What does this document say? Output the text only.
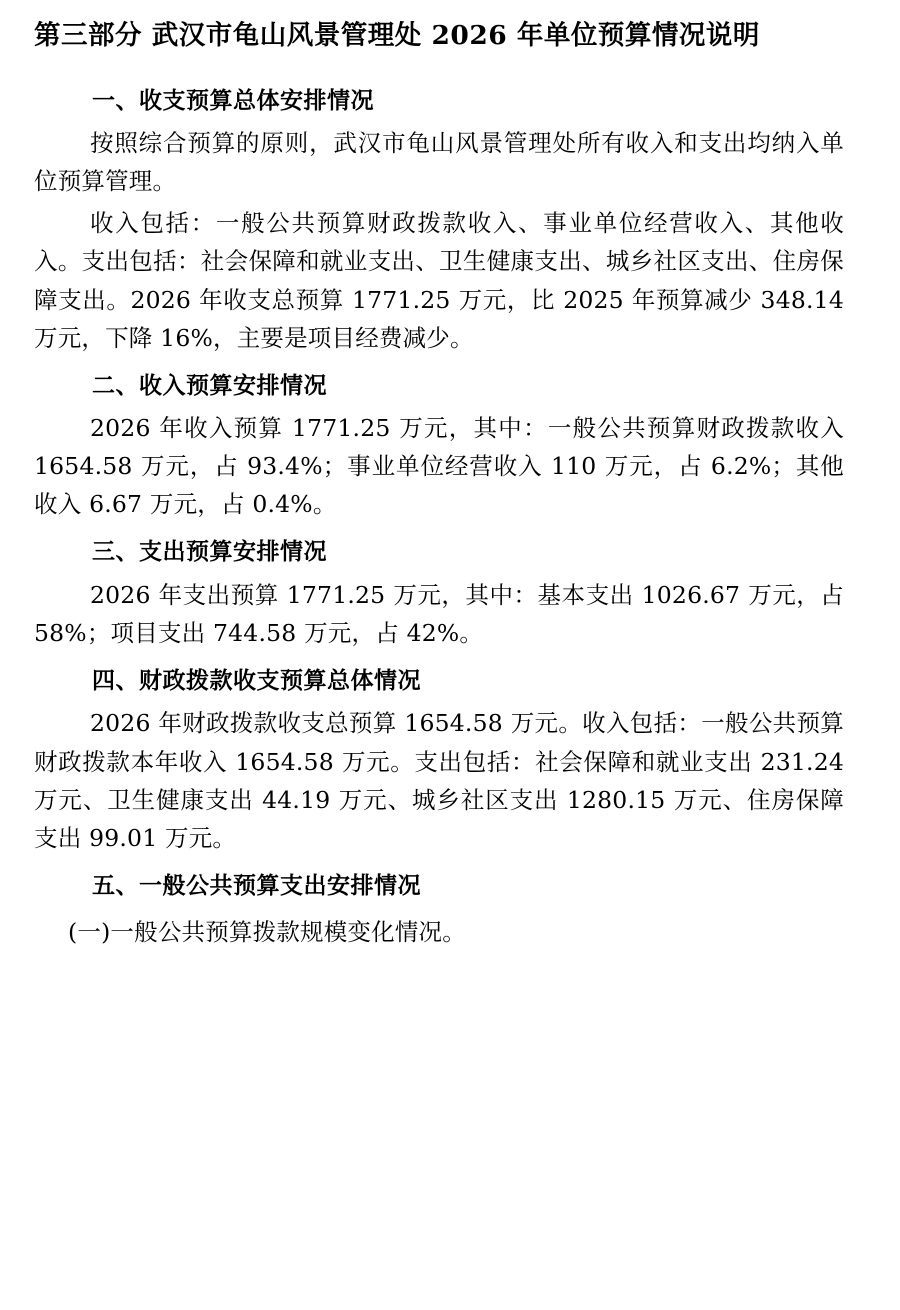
第三部分 武汉市龟山风景管理处 2026 年单位预算情况说明
一、收支预算总体安排情况

按照综合预算的原则，武汉市龟山风景管理处所有收入和支出均纳入单位预算管理。

收入包括：一般公共预算财政拨款收入、事业单位经营收入、其他收入。支出包括：社会保障和就业支出、卫生健康支出、城乡社区支出、住房保障支出。2026 年收支总预算 1771.25 万元，比 2025 年预算减少 348.14 万元，下降 16%，主要是项目经费减少。

二、收入预算安排情况

2026 年收入预算 1771.25 万元，其中：一般公共预算财政拨款收入 1654.58 万元，占 93.4%；事业单位经营收入 110 万元，占 6.2%；其他收入 6.67 万元，占 0.4%。

三、支出预算安排情况

2026 年支出预算 1771.25 万元，其中：基本支出 1026.67 万元，占 58%；项目支出 744.58 万元，占 42%。

四、财政拨款收支预算总体情况

2026 年财政拨款收支总预算 1654.58 万元。收入包括：一般公共预算财政拨款本年收入 1654.58 万元。支出包括：社会保障和就业支出 231.24 万元、卫生健康支出 44.19 万元、城乡社区支出 1280.15 万元、住房保障支出 99.01 万元。

五、一般公共预算支出安排情况

(一)一般公共预算拨款规模变化情况。
